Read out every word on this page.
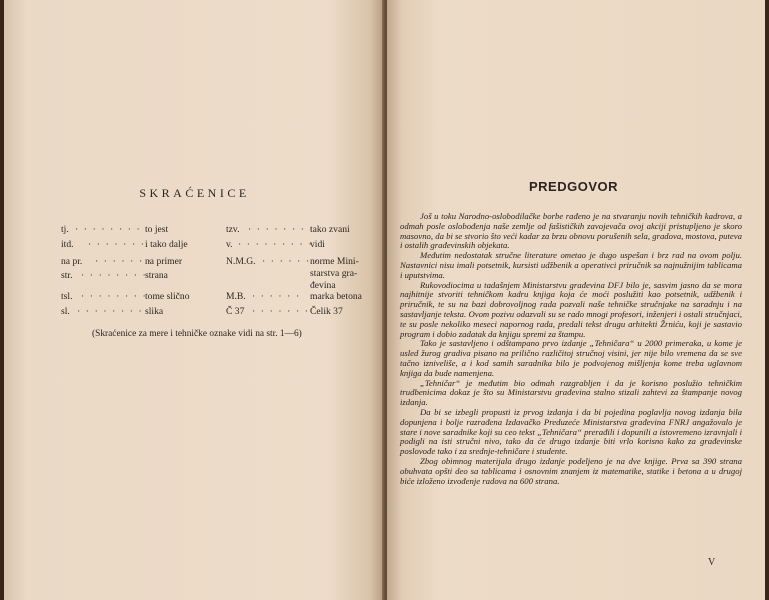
SKRAĆENICE
tj. · · · · · · · · to jest
itd. · · · · · · · i tako dalje
na pr. · · · · · · ·
na primer
str. · · · · · · · ·
strana
tsl. · · · · · · · ·
tome slično
sl. · · · · · · · · slika
tzv. · · · · · · · ·
tako zvani
v. · · · · · · · · ·
vidi
N.M.G. · · · · · · ·
norme Mini-
starstva gra-
đevina
M.B. · · · · · · marka betona
Č 37 · · · · · · · Čelik 37
(Skraćenice za mere i tehničke oznake vidi na str. 1—6)
PREDGOVOR

Još u toku Narodno-oslobodilačke borbe rađeno je na stvaranju novih tehničkih kadrova, a odmah posle oslobođenja naše zemlje od fašističkih zavojevača ovoj akciji pristupljeno je skoro masovno, da bi se stvorio što veći kadar za brzu obnovu porušenih sela, gradova, mostova, puteva i ostalih građevinskih objekata.

Međutim nedostatak stručne literature ometao je dugo uspešan i brz rad na ovom polju. Nastavnici nisu imali potsetnik, kursisti udžbenik a operativci priručnik sa najnužnijim tablicama i uputstvima.

Rukovodiocima u tadašnjem Ministarstvu građevina DFJ bilo je, sasvim jasno da se mora najhitnije stvoriti tehničkom kadru knjiga koja će moći poslužiti kao potsetnik, udžbenik i priručnik, te su na bazi dobrovoljnog rada pozvali naše tehničke stručnjake na saradnju i na sastavljanje teksta. Ovom pozivu odazvali su se rado mnogi profesori, inženjeri i ostali stručnjaci, te su posle nekoliko meseci napornog rada, predali tekst drugu arhitekti Žrniću, koji je sastavio program i dobio zadatak da knjigu spremi za štampu.

Tako je sastavljeno i odštampano prvo izdanje „Tehničara“ u 2000 primeraka, u kome je usled žurog gradiva pisano na prilično različitoj stručnoj visini, jer nije bilo vremena da se sve tačno izniveliše, a i kod samih saradnika bilo je podvojenog mišljenja kome treba uglavnom knjiga da bude namenjena.

„Tehničar“ je međutim bio odmah razgrabljen i da je korisno poslužio tehničkim trudbenicima dokaz je što su Ministarstvu građevina stalno stizali zahtevi za štampanje novog izdanja.

Da bi se izbegli propusti iz prvog izdanja i da bi pojedina poglavlja novog izdanja bila dopunjena i bolje razrađena Izdavačko Preduzeće Ministarstva građevina FNRJ angažovalo je stare i nove saradnike koji su ceo tekst „Tehničara“ prerađili i dopunili a istovremeno izravnjali i podigli na isti stručni nivo, tako da će drugo izdanje biti vrlo korisno kako za građevinske poslovođe tako i za srednje-tehničare i studente.

Zbog obimnog materijala drugo izdanje podeljeno je na dve knjige. Prva sa 390 strana obuhvata opšti deo sa tablicama i osnovnim znanjem iz matematike, statike i betona a u drugoj biće izloženo izvođenje radova na 600 strana.

V
